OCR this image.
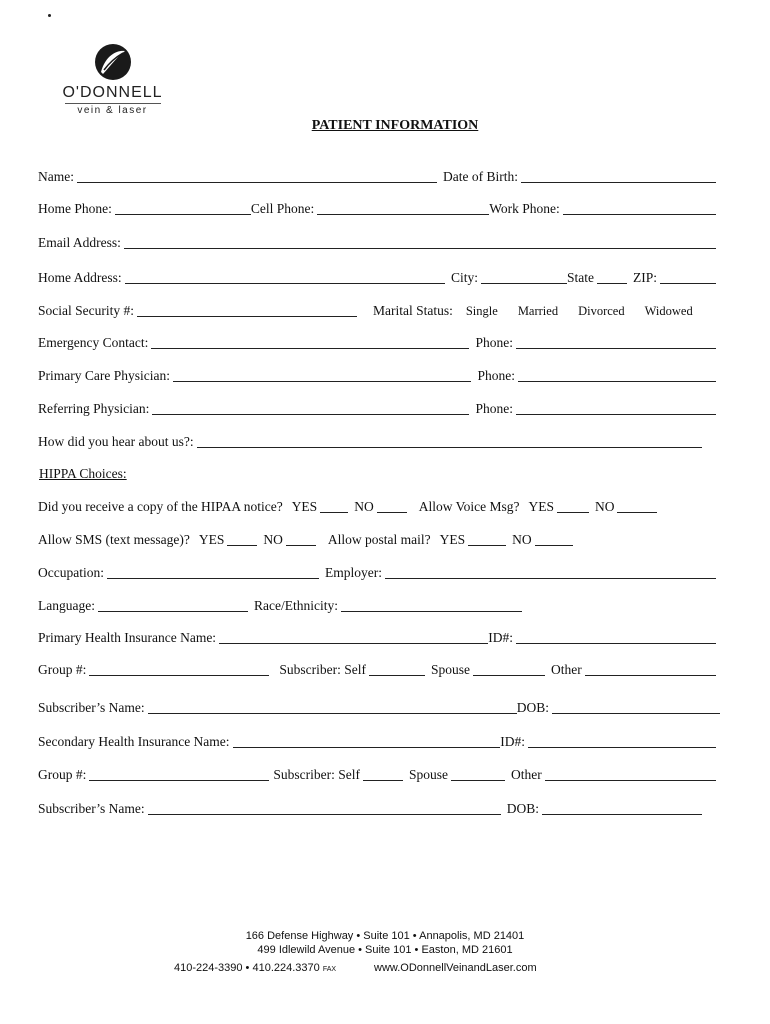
O'DONNELL
vein & laser
PATIENT INFORMATION
Name:	Date of Birth:
Home Phone:	Cell Phone:	Work Phone:
Email Address:
Home Address:	City:	State	ZIP:
Social Security #:	Marital Status: Single Married Divorced Widowed
Emergency Contact:	Phone:
Primary Care Physician:	Phone:
Referring Physician:	Phone:
How did you hear about us?:
HIPPA Choices:
Did you receive a copy of the HIPAA notice? YES	NO	Allow Voice Msg? YES	NO
Allow SMS (text message)? YES	NO	Allow postal mail? YES	NO
Occupation:	Employer:
Language:	Race/Ethnicity:
Primary Health Insurance Name:	ID#:
Group #:	Subscriber: Self	Spouse	Other
Subscriber’s Name:	DOB:
Secondary Health Insurance Name:	ID#:
Group #:	Subscriber: Self	Spouse	Other
Subscriber’s Name:	DOB:
166 Defense Highway • Suite 101 • Annapolis, MD 21401
499 Idlewild Avenue • Suite 101 • Easton, MD 21601
410-224-3390 • 410.224.3370 FAX	www.ODonnellVeinandLaser.com
